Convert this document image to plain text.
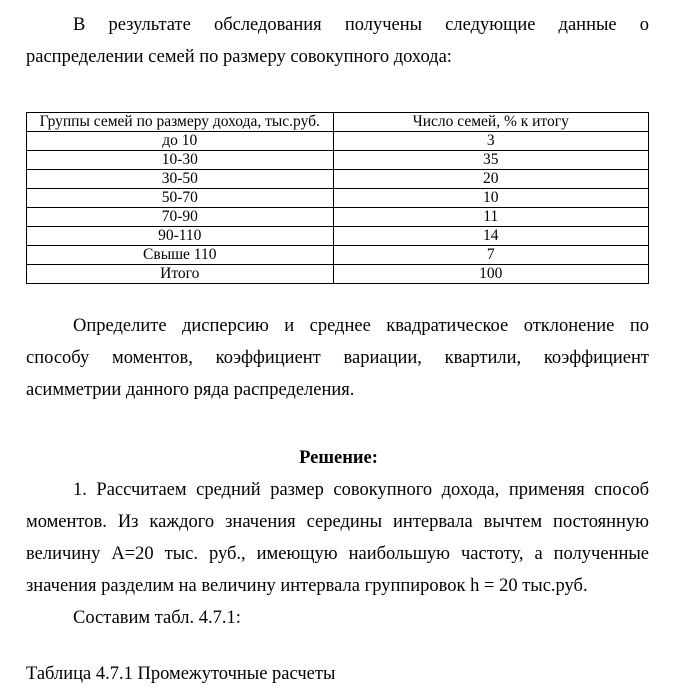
В результате обследования получены следующие данные о
распределении семей по размеру совокупного дохода:

Группы семей по размеру дохода, тыс.руб.	Число семей, % к итогу
до 10	3
10-30	35
30-50	20
50-70	10
70-90	11
90-110	14
Свыше 110	7
Итого	100

Определите дисперсию и среднее квадратическое отклонение по
способу моментов, коэффициент вариации, квартили, коэффициент
асимметрии данного ряда распределения.

Решение:

1. Рассчитаем средний размер совокупного дохода, применяя способ
моментов. Из каждого значения середины интервала вычтем постоянную
величину А=20 тыс. руб., имеющую наибольшую частоту, а полученные
значения разделим на величину интервала группировок h = 20 тыс.руб.

Составим табл. 4.7.1:

Таблица 4.7.1 Промежуточные расчеты
